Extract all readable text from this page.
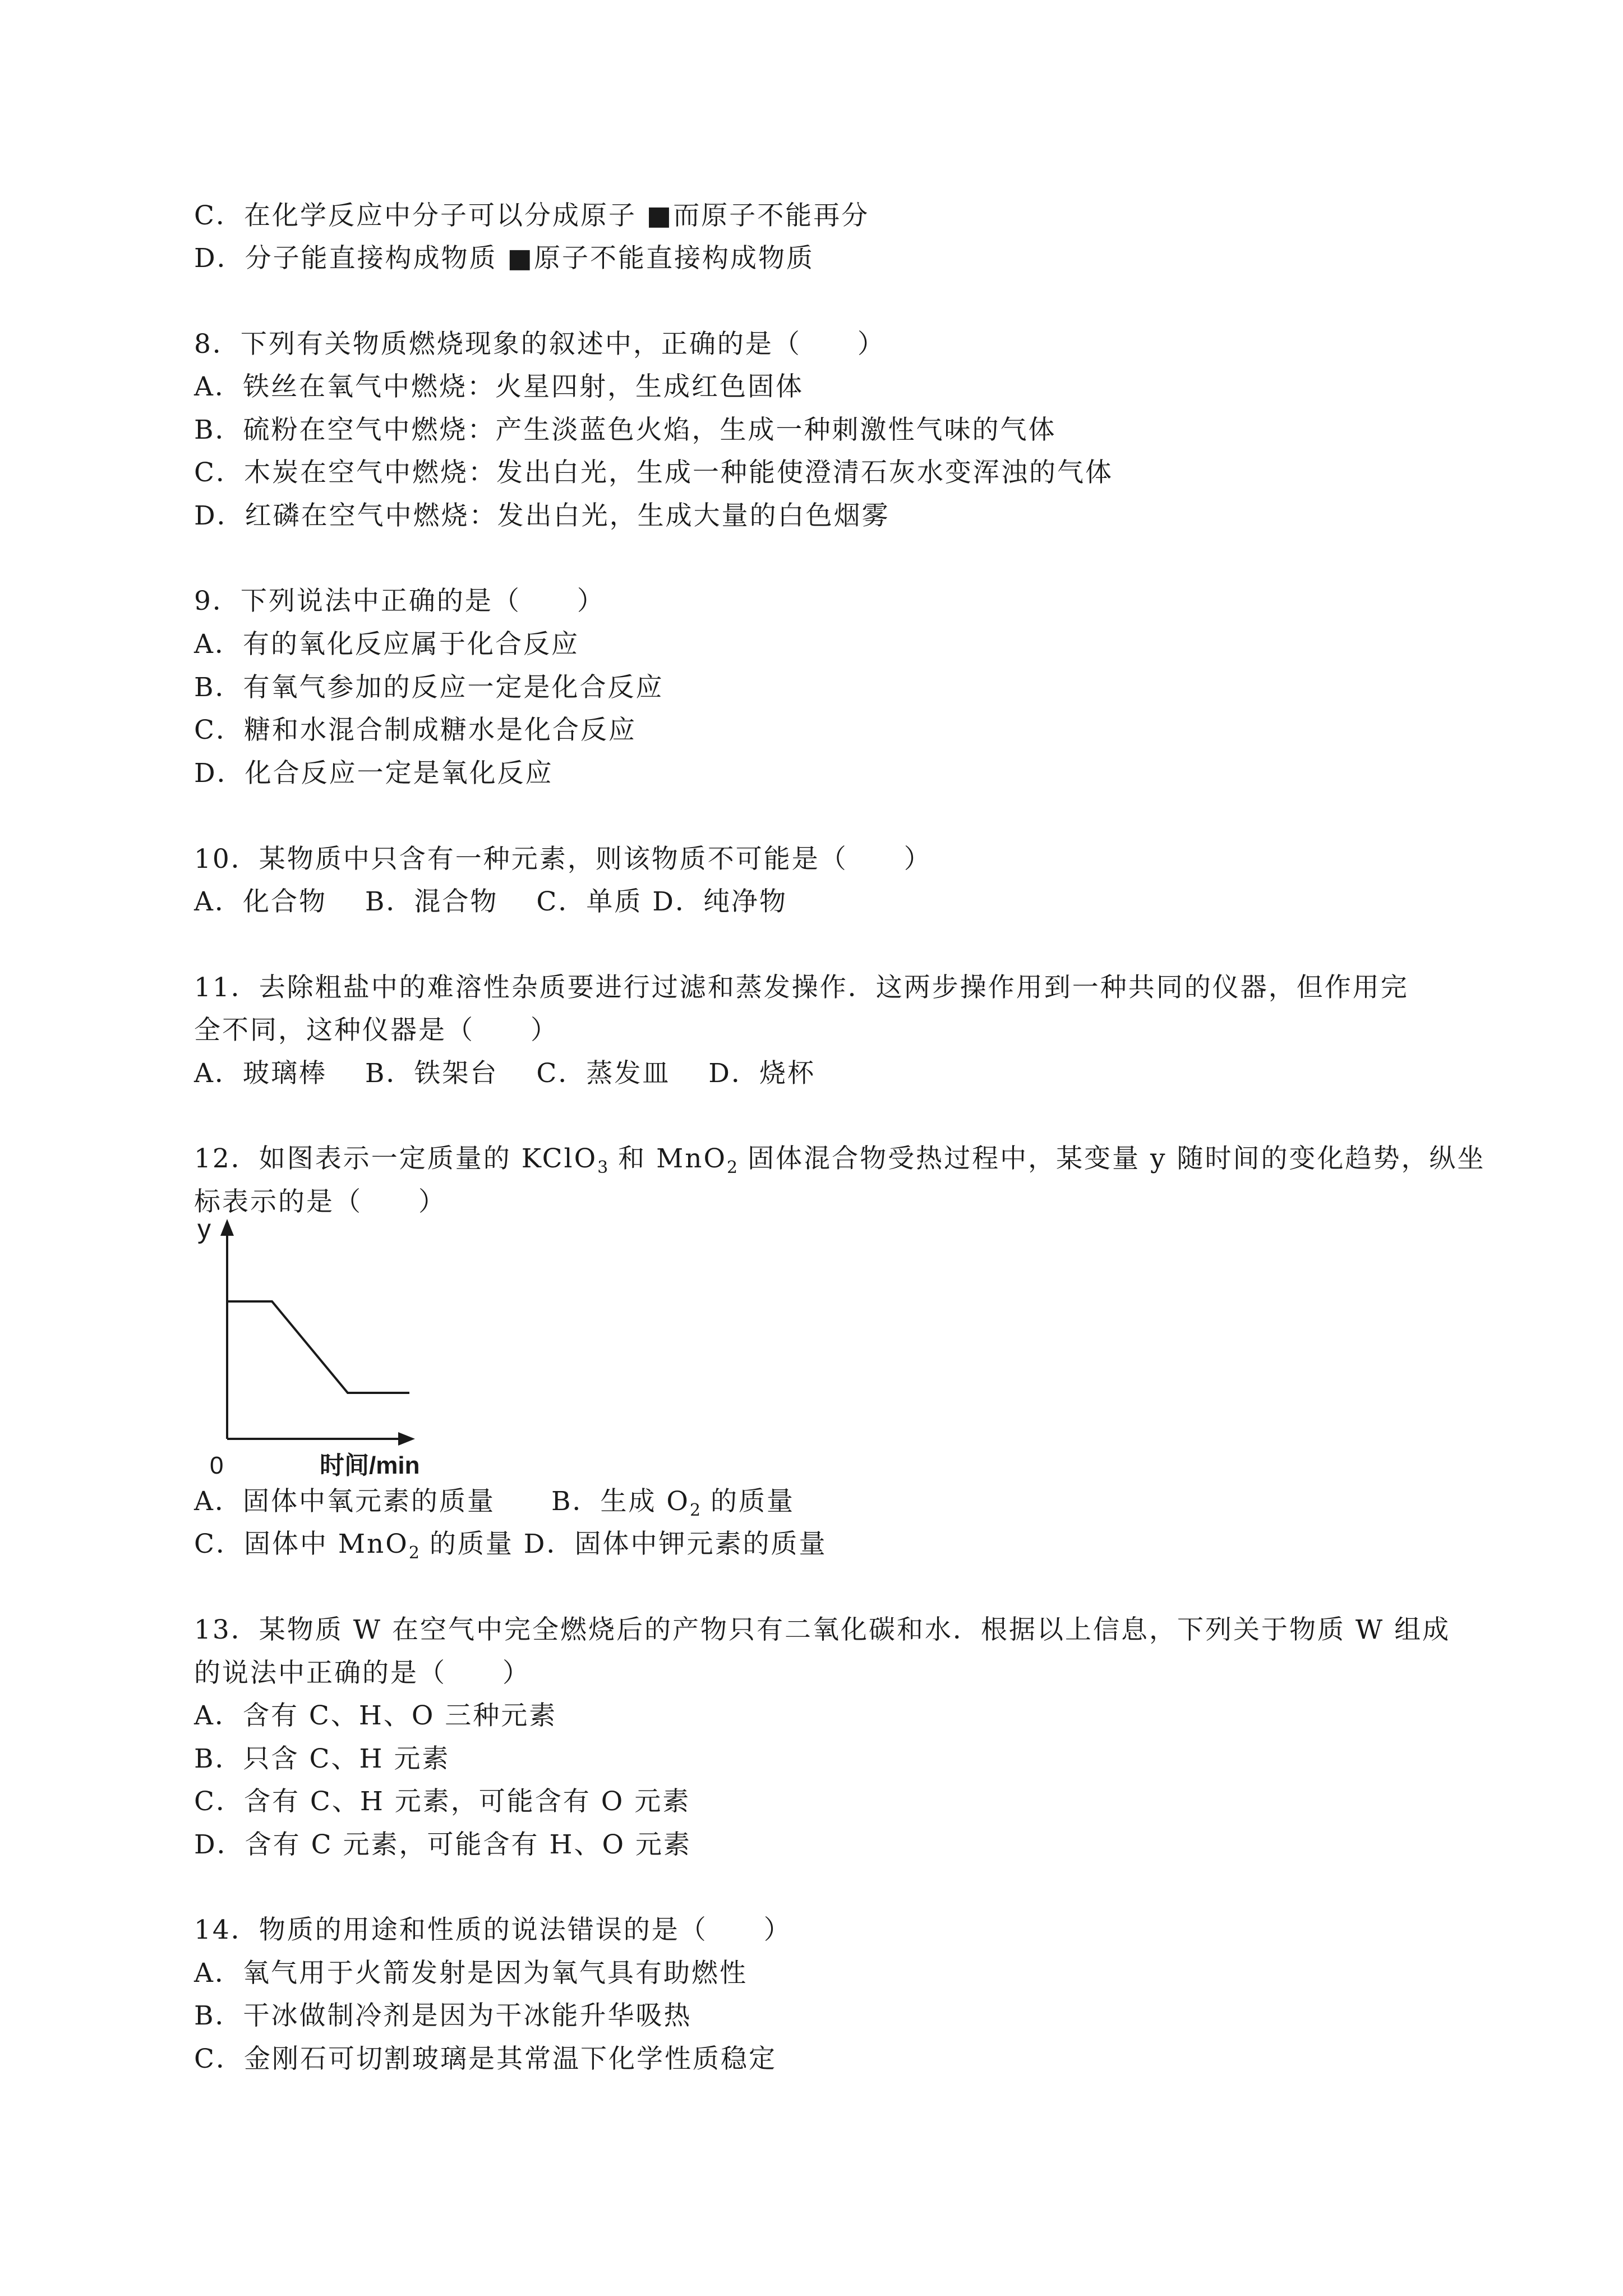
C．在化学反应中分子可以分成原子 ■而原子不能再分
D．分子能直接构成物质 ■原子不能直接构成物质
8．下列有关物质燃烧现象的叙述中，正确的是（　　）
A．铁丝在氧气中燃烧：火星四射，生成红色固体
B．硫粉在空气中燃烧：产生淡蓝色火焰，生成一种刺激性气味的气体
C．木炭在空气中燃烧：发出白光，生成一种能使澄清石灰水变浑浊的气体
D．红磷在空气中燃烧：发出白光，生成大量的白色烟雾
9．下列说法中正确的是（　　）
A．有的氧化反应属于化合反应
B．有氧气参加的反应一定是化合反应
C．糖和水混合制成糖水是化合反应
D．化合反应一定是氧化反应
10．某物质中只含有一种元素，则该物质不可能是（　　）
A．化合物　 B．混合物　 C．单质 D．纯净物
11．去除粗盐中的难溶性杂质要进行过滤和蒸发操作．这两步操作用到一种共同的仪器，但作用完
全不同，这种仪器是（　　）
A．玻璃棒　 B．铁架台　 C．蒸发皿　 D．烧杯
12．如图表示一定质量的 KClO$_3$ 和 MnO$_2$ 固体混合物受热过程中，某变量 y 随时间的变化趋势，纵坐
标表示的是（　　）
y
0	时间/min
A．固体中氧元素的质量　　B．生成 $O_2$ 的质量
C．固体中 MnO$_2$ 的质量 D．固体中钾元素的质量
13．某物质 W 在空气中完全燃烧后的产物只有二氧化碳和水．根据以上信息，下列关于物质 W 组成
的说法中正确的是（　　）
A．含有 C、H、O 三种元素
B．只含 C、H 元素
C．含有 C、H 元素，可能含有 O 元素
D．含有 C 元素，可能含有 H、O 元素
14．物质的用途和性质的说法错误的是（　　）
A．氧气用于火箭发射是因为氧气具有助燃性
B．干冰做制冷剂是因为干冰能升华吸热
C．金刚石可切割玻璃是其常温下化学性质稳定
